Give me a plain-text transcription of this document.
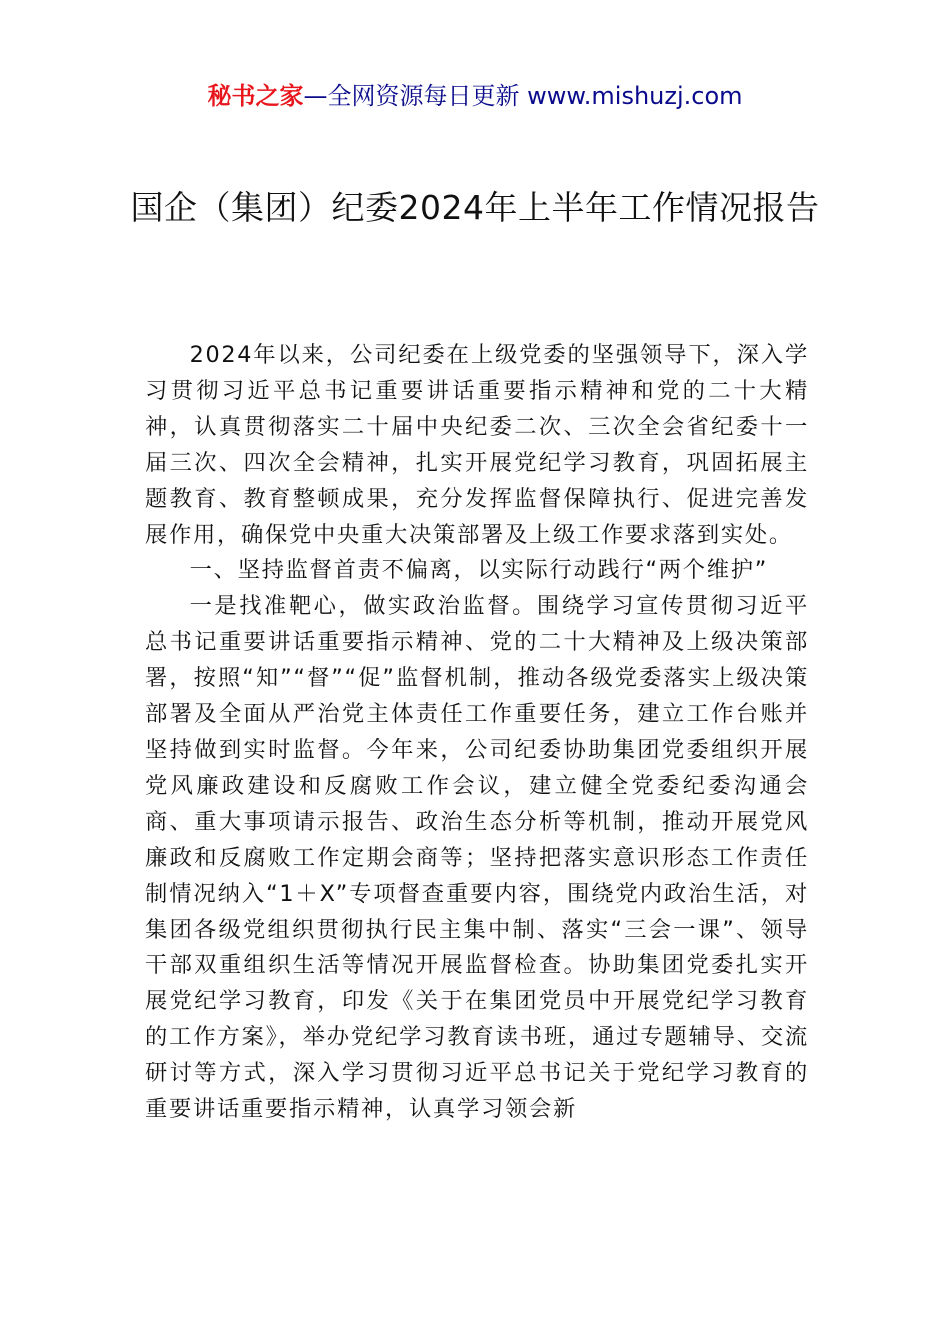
秘书之家—全网资源每日更新 www.mishuzj.com
国企（集团）纪委2024年上半年工作情况报告

2024年以来，公司纪委在上级党委的坚强领导下，深入学习贯彻习近平总书记重要讲话重要指示精神和党的二十大精神，认真贯彻落实二十届中央纪委二次、三次全会省纪委十一届三次、四次全会精神，扎实开展党纪学习教育，巩固拓展主题教育、教育整顿成果，充分发挥监督保障执行、促进完善发展作用，确保党中央重大决策部署及上级工作要求落到实处。

一、坚持监督首责不偏离，以实际行动践行“两个维护”

一是找准靶心，做实政治监督。围绕学习宣传贯彻习近平总书记重要讲话重要指示精神、党的二十大精神及上级决策部署，按照“知”“督”“促”监督机制，推动各级党委落实上级决策部署及全面从严治党主体责任工作重要任务，建立工作台账并坚持做到实时监督。今年来，公司纪委协助集团党委组织开展党风廉政建设和反腐败工作会议，建立健全党委纪委沟通会商、重大事项请示报告、政治生态分析等机制，推动开展党风廉政和反腐败工作定期会商等；坚持把落实意识形态工作责任制情况纳入“1＋X”专项督查重要内容，围绕党内政治生活，对集团各级党组织贯彻执行民主集中制、落实“三会一课”、领导干部双重组织生活等情况开展监督检查。协助集团党委扎实开展党纪学习教育，印发《关于在集团党员中开展党纪学习教育的工作方案》，举办党纪学习教育读书班，通过专题辅导、交流研讨等方式，深入学习贯彻习近平总书记关于党纪学习教育的重要讲话重要指示精神，认真学习领会新
